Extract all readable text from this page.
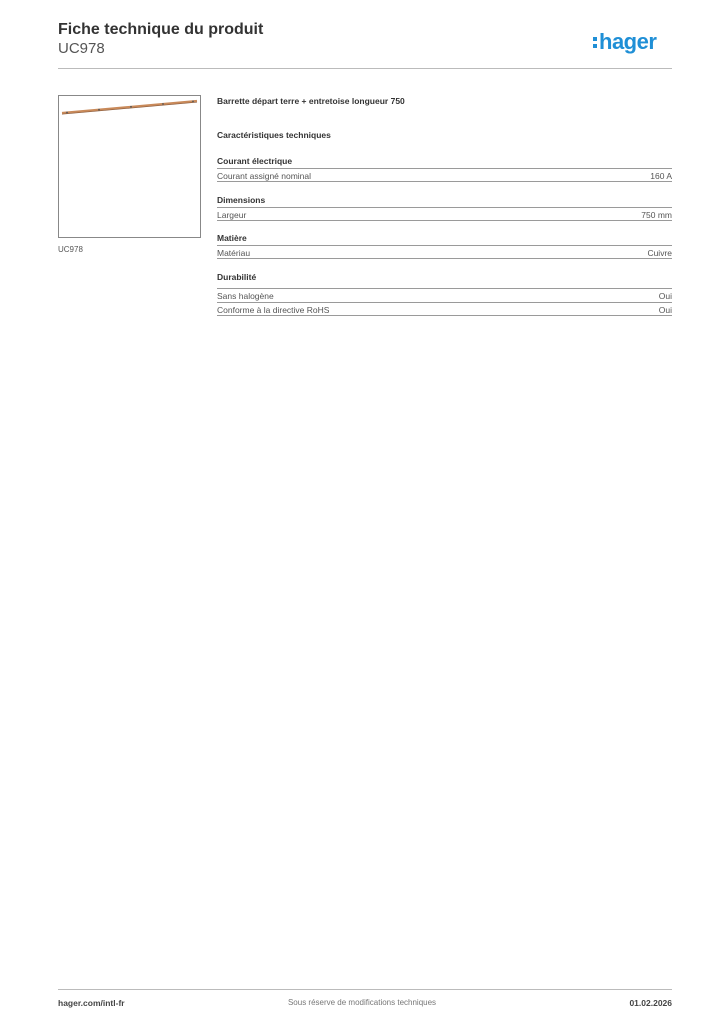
Fiche technique du produit
UC978	hager
UC978
Barrette départ terre + entretoise longueur 750
Caractéristiques techniques
Courant électrique
Courant assigné nominal	160 A
Dimensions
Largeur	750 mm
Matière
Matériau	Cuivre
Durabilité
Sans halogène	Oui
Conforme à la directive RoHS	Oui
hager.com/intl-fr	Sous réserve de modifications techniques	01.02.2026
